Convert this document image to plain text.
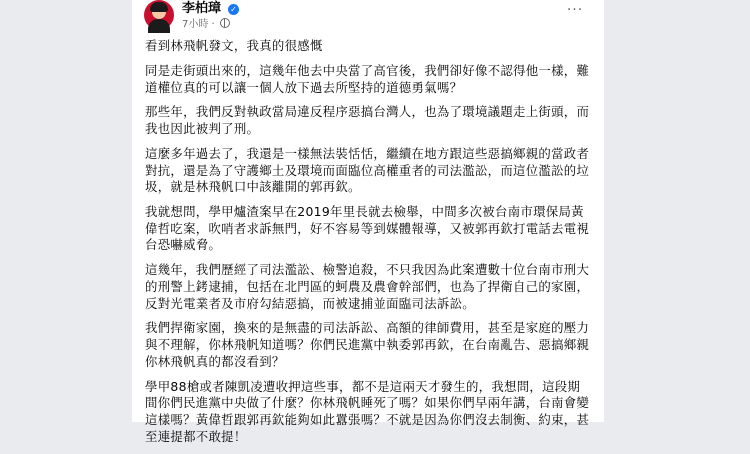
李柏璋 ✓
7小時 ·
···

看到林飛帆發文，我真的很感慨

同是走街頭出來的，這幾年他去中央當了高官後，我們卻好像不認得他一樣，難道權位真的可以讓一個人放下過去所堅持的道德勇氣嗎？

那些年，我們反對執政當局違反程序惡搞台灣人，也為了環境議題走上街頭，而我也因此被判了刑。

這麼多年過去了，我還是一樣無法裝恬恬，繼續在地方跟這些惡搞鄉親的當政者對抗，還是為了守護鄉土及環境而面臨位高權重者的司法濫訟，而這位濫訟的垃圾，就是林飛帆口中該離開的郭再欽。

我就想問，學甲爐渣案早在2019年里長就去檢舉，中間多次被台南市環保局黃偉哲吃案，吹哨者求訴無門，好不容易等到媒體報導，又被郭再欽打電話去電視台恐嚇威脅。

這幾年，我們歷經了司法濫訟、檢警追殺，不只我因為此案遭數十位台南市刑大的刑警上銬逮捕，包括在北門區的蚵農及農會幹部們，也為了捍衛自己的家園，反對光電業者及市府勾結惡搞，而被逮捕並面臨司法訴訟。

我們捍衛家園，換來的是無盡的司法訴訟、高額的律師費用，甚至是家庭的壓力與不理解，你林飛帆知道嗎？你們民進黨中執委郭再欽，在台南亂告、惡搞鄉親你林飛帆真的都沒看到？

學甲88槍或者陳凱凌遭收押這些事，都不是這兩天才發生的，我想問，這段期間你們民進黨中央做了什麼？你林飛帆睡死了嗎？如果你們早兩年講，台南會變這樣嗎？黃偉哲跟郭再欽能夠如此囂張嗎？不就是因為你們沒去制衡、約束，甚至連提都不敢提！
